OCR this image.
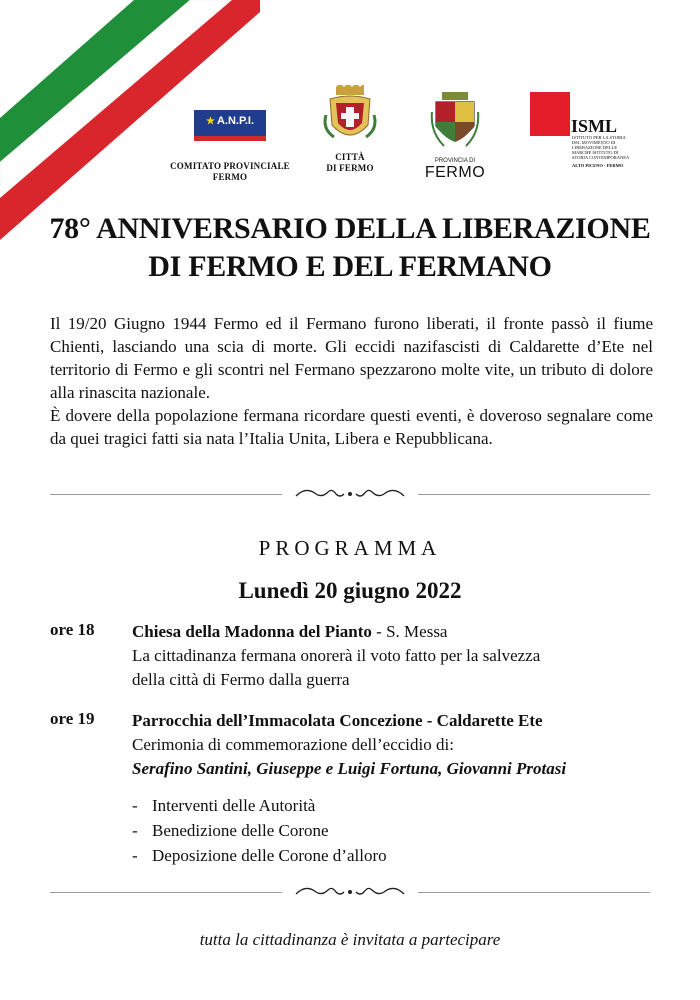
★ A.N.P.I.
COMITATO PROVINCIALE
FERMO
CITTÀ
DI FERMO
PROVINCIA DI
FERMO
ISML
ISTITUTO PER LA STORIA DEL MOVIMENTO DI LIBERAZIONE DELLE MARCHE ISTITUTO DI STORIA CONTEMPORANEA
ALTO PICENO · FERMO
78° ANNIVERSARIO DELLA LIBERAZIONE
DI FERMO E DEL FERMANO

Il 19/20 Giugno 1944 Fermo ed il Fermano furono liberati, il fronte passò il fiume Chienti, lasciando una scia di morte. Gli eccidi nazifascisti di Caldarette d’Ete nel territorio di Fermo e gli scontri nel Fermano spezzarono molte vite, un tributo di dolore alla rinascita nazionale.

È dovere della popolazione fermana ricordare questi eventi, è doveroso segnalare come da quei tragici fatti sia nata l’Italia Unita, Libera e Repubblicana.

PROGRAMMA
Lunedì 20 giugno 2022
ore 18 Chiesa della Madonna del Pianto - S. Messa
La cittadinanza fermana onorerà il voto fatto per la salvezza
della città di Fermo dalla guerra
ore 19 Parrocchia dell’Immacolata Concezione - Caldarette Ete
Cerimonia di commemorazione dell’eccidio di:
Serafino Santini, Giuseppe e Luigi Fortuna, Giovanni Protasi
- Interventi delle Autorità
- Benedizione delle Corone
- Deposizione delle Corone d’alloro
tutta la cittadinanza è invitata a partecipare
